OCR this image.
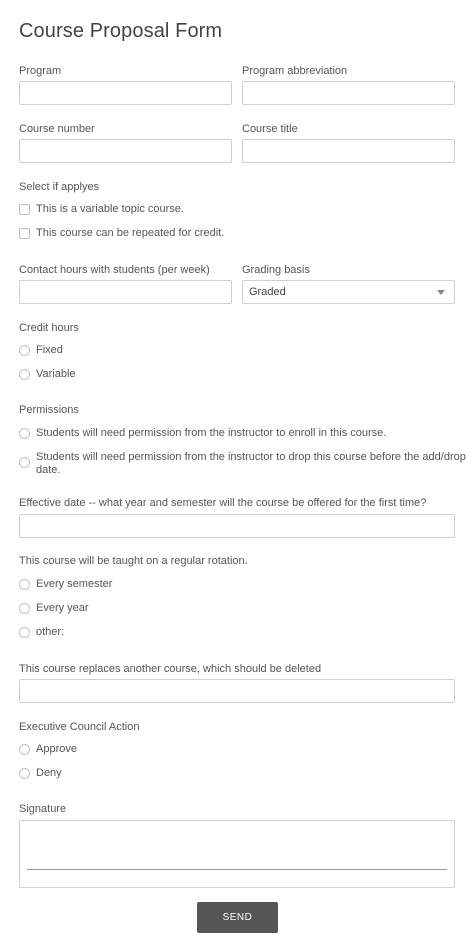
Course Proposal Form
Program	Program abbreviation
Course number	Course title
Select if applyes
This is a variable topic course.
This course can be repeated for credit.
Contact hours with students (per week)	Grading basis
Graded
Credit hours
Fixed
Variable
Permissions
Students will need permission from the instructor to enroll in this course.
Students will need permission from the instructor to drop this course before the add/drop
date.
Effective date -- what year and semester will the course be offered for the first time?
This course will be taught on a regular rotation.
Every semester
Every year
other:
This course replaces another course, which should be deleted
Executive Council Action
Approve
Deny
Signature
SEND
